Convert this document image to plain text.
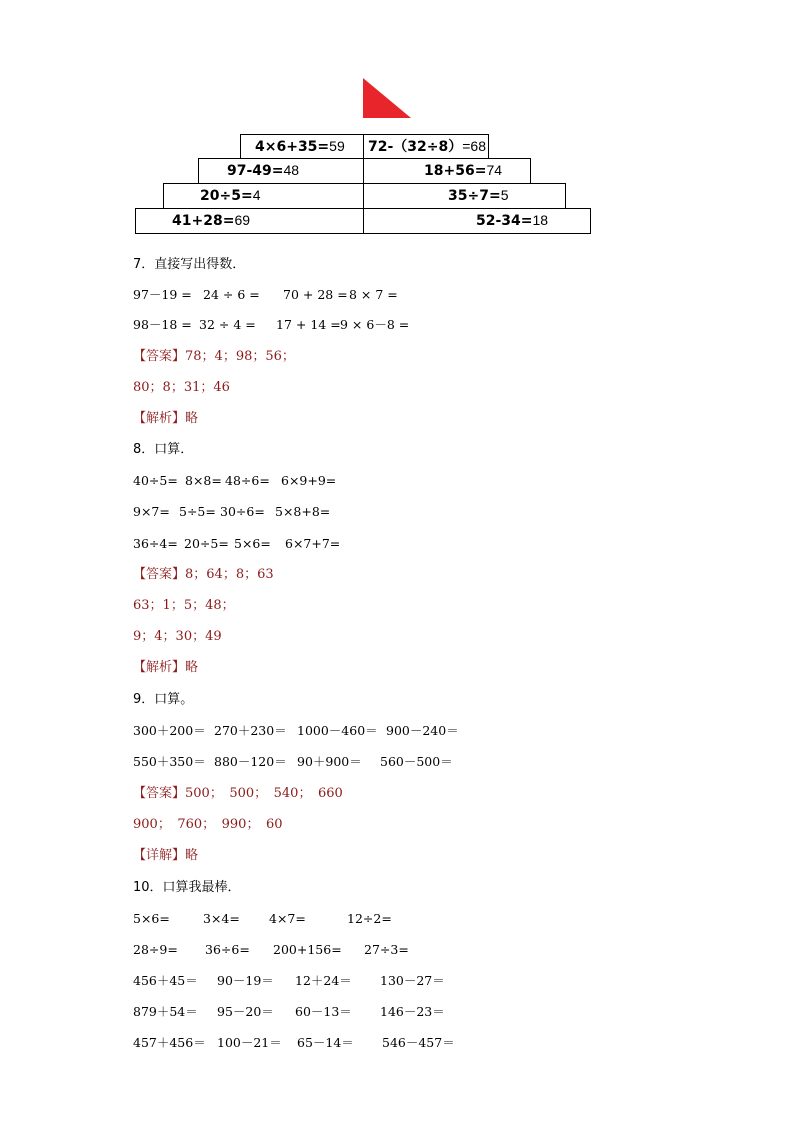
4×6+35=59	72-（32÷8）=68
97-49=48	18+56=74
20÷5=4	35÷7=5
41+28=69	52-34=18
7．直接写出得数．
97－19 = 24 ÷ 6 = 70 + 28 =8 × 7 =
98－18 = 32 ÷ 4 = 17 + 14 =9 × 6－8 =
【答案】78；4；98；56；
80；8；31；46
【解析】略
8．口算．
40÷5= 8×8= 48÷6= 6×9+9=
9×7= 5÷5= 30÷6= 5×8+8=
36÷4= 20÷5= 5×6= 6×7+7=
【答案】8；64；8；63
63；1；5；48；
9；4；30；49
【解析】略
9．口算。
300＋200＝ 270＋230＝ 1000－460＝ 900－240＝
550＋350＝ 880－120＝ 90＋900＝ 560－500＝
【答案】500；　500；　540；　660
900；　760；　990；　60
【详解】略
10．口算我最棒．
5×6=	3×4= 4×7=	12÷2=
28÷9= 36÷6= 200+156= 27÷3=
456＋45＝ 90－19＝ 12＋24＝ 130－27＝
879＋54＝ 95－20＝ 60－13＝ 146－23＝
457＋456＝ 100－21＝ 65－14＝ 546－457＝
